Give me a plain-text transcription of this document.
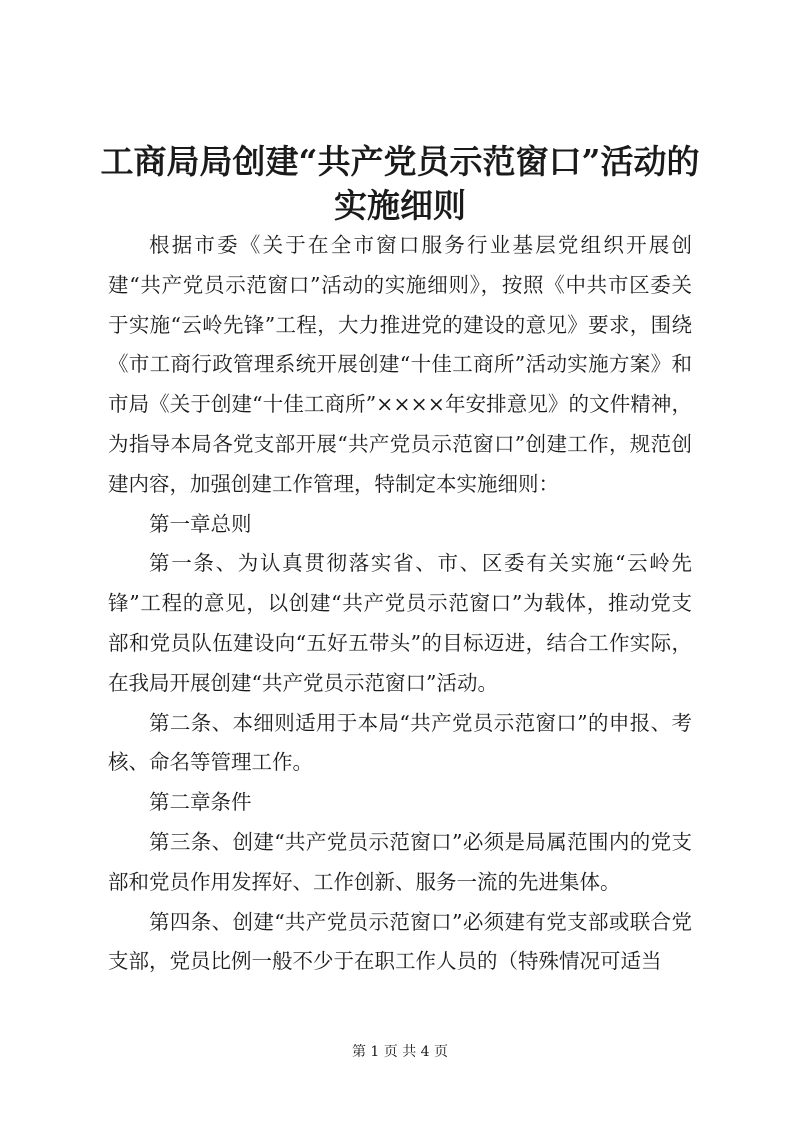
工商局局创建“共产党员示范窗口”活动的实施细则

根据市委《关于在全市窗口服务行业基层党组织开展创建“共产党员示范窗口”活动的实施细则》，按照《中共市区委关于实施“云岭先锋”工程，大力推进党的建设的意见》要求，围绕《市工商行政管理系统开展创建“十佳工商所”活动实施方案》和市局《关于创建“十佳工商所”××××年安排意见》的文件精神，为指导本局各党支部开展“共产党员示范窗口”创建工作，规范创建内容，加强创建工作管理，特制定本实施细则：

第一章总则

第一条、为认真贯彻落实省、市、区委有关实施“云岭先锋”工程的意见，以创建“共产党员示范窗口”为载体，推动党支部和党员队伍建设向“五好五带头”的目标迈进，结合工作实际，在我局开展创建“共产党员示范窗口”活动。

第二条、本细则适用于本局“共产党员示范窗口”的申报、考核、命名等管理工作。

第二章条件

第三条、创建“共产党员示范窗口”必须是局属范围内的党支部和党员作用发挥好、工作创新、服务一流的先进集体。

第四条、创建“共产党员示范窗口”必须建有党支部或联合党支部，党员比例一般不少于在职工作人员的（特殊情况可适当

第 1 页 共 4 页
